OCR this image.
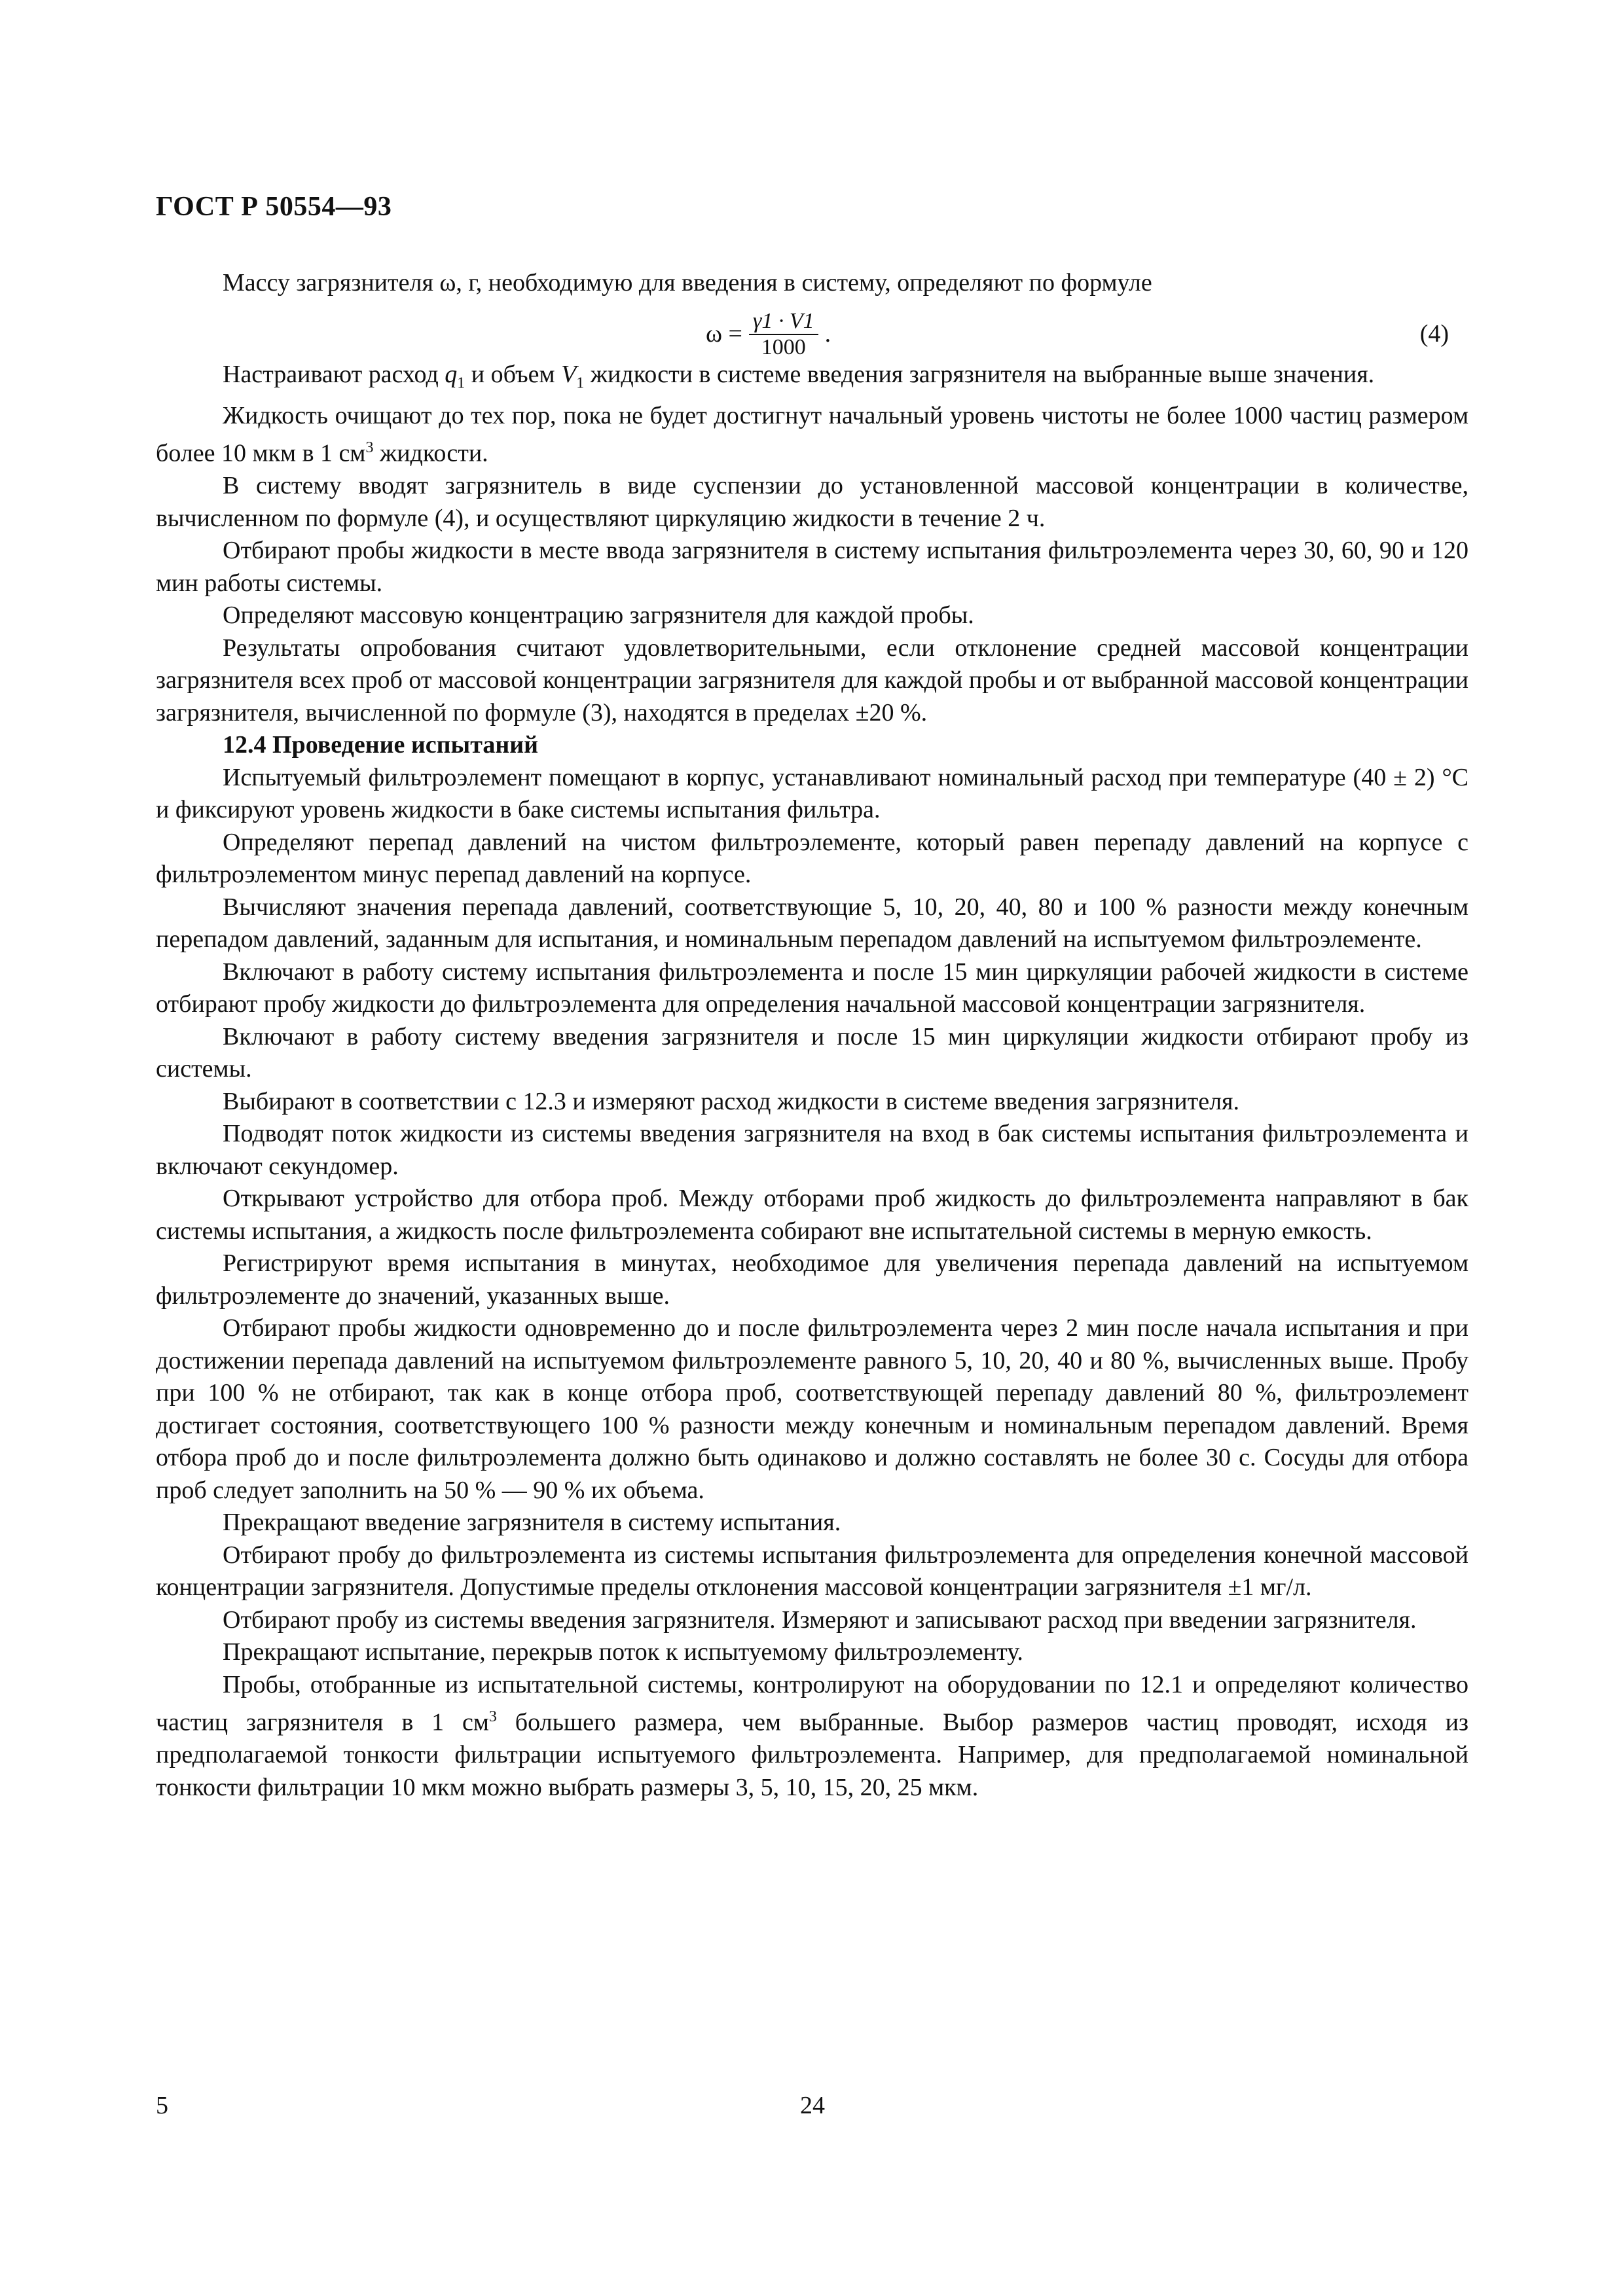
ГОСТ Р 50554—93

Массу загрязнителя ω, г, необходимую для введения в систему, определяют по формуле

$\omega = \frac{\gamma 1 \cdot V1}{1000}$ .	(4)

Настраивают расход $q_1$ и объем $V_1$ жидкости в системе введения загрязнителя на выбранные выше значения.

Жидкость очищают до тех пор, пока не будет достигнут начальный уровень чистоты не более 1000 частиц размером более 10 мкм в 1 $см^3$ жидкости.

В систему вводят загрязнитель в виде суспензии до установленной массовой концентрации в количестве, вычисленном по формуле (4), и осуществляют циркуляцию жидкости в течение 2 ч.

Отбирают пробы жидкости в месте ввода загрязнителя в систему испытания фильтроэлемента через 30, 60, 90 и 120 мин работы системы.

Определяют массовую концентрацию загрязнителя для каждой пробы.

Результаты опробования считают удовлетворительными, если отклонение средней массовой концентрации загрязнителя всех проб от массовой концентрации загрязнителя для каждой пробы и от выбранной массовой концентрации загрязнителя, вычисленной по формуле (3), находятся в пределах ±20 %.

12.4 Проведение испытаний

Испытуемый фильтроэлемент помещают в корпус, устанавливают номинальный расход при температуре (40 ± 2) °С и фиксируют уровень жидкости в баке системы испытания фильтра.

Определяют перепад давлений на чистом фильтроэлементе, который равен перепаду давлений на корпусе с фильтроэлементом минус перепад давлений на корпусе.

Вычисляют значения перепада давлений, соответствующие 5, 10, 20, 40, 80 и 100 % разности между конечным перепадом давлений, заданным для испытания, и номинальным перепадом давлений на испытуемом фильтроэлементе.

Включают в работу систему испытания фильтроэлемента и после 15 мин циркуляции рабочей жидкости в системе отбирают пробу жидкости до фильтроэлемента для определения начальной массовой концентрации загрязнителя.

Включают в работу систему введения загрязнителя и после 15 мин циркуляции жидкости отбирают пробу из системы.

Выбирают в соответствии с 12.3 и измеряют расход жидкости в системе введения загрязнителя.

Подводят поток жидкости из системы введения загрязнителя на вход в бак системы испытания фильтроэлемента и включают секундомер.

Открывают устройство для отбора проб. Между отборами проб жидкость до фильтроэлемента направляют в бак системы испытания, а жидкость после фильтроэлемента собирают вне испытательной системы в мерную емкость.

Регистрируют время испытания в минутах, необходимое для увеличения перепада давлений на испытуемом фильтроэлементе до значений, указанных выше.

Отбирают пробы жидкости одновременно до и после фильтроэлемента через 2 мин после начала испытания и при достижении перепада давлений на испытуемом фильтроэлементе равного 5, 10, 20, 40 и 80 %, вычисленных выше. Пробу при 100 % не отбирают, так как в конце отбора проб, соответствующей перепаду давлений 80 %, фильтроэлемент достигает состояния, соответствующего 100 % разности между конечным и номинальным перепадом давлений. Время отбора проб до и после фильтроэлемента должно быть одинаково и должно составлять не более 30 с. Сосуды для отбора проб следует заполнить на 50 % — 90 % их объема.

Прекращают введение загрязнителя в систему испытания.

Отбирают пробу до фильтроэлемента из системы испытания фильтроэлемента для определения конечной массовой концентрации загрязнителя. Допустимые пределы отклонения массовой концентрации загрязнителя ±1 мг/л.

Отбирают пробу из системы введения загрязнителя. Измеряют и записывают расход при введении загрязнителя.

Прекращают испытание, перекрыв поток к испытуемому фильтроэлементу.

Пробы, отобранные из испытательной системы, контролируют на оборудовании по 12.1 и определяют количество частиц загрязнителя в 1 $см^3$ большего размера, чем выбранные. Выбор размеров частиц проводят, исходя из предполагаемой тонкости фильтрации испытуемого фильтроэлемента. Например, для предполагаемой номинальной тонкости фильтрации 10 мкм можно выбрать размеры 3, 5, 10, 15, 20, 25 мкм.

5	24
